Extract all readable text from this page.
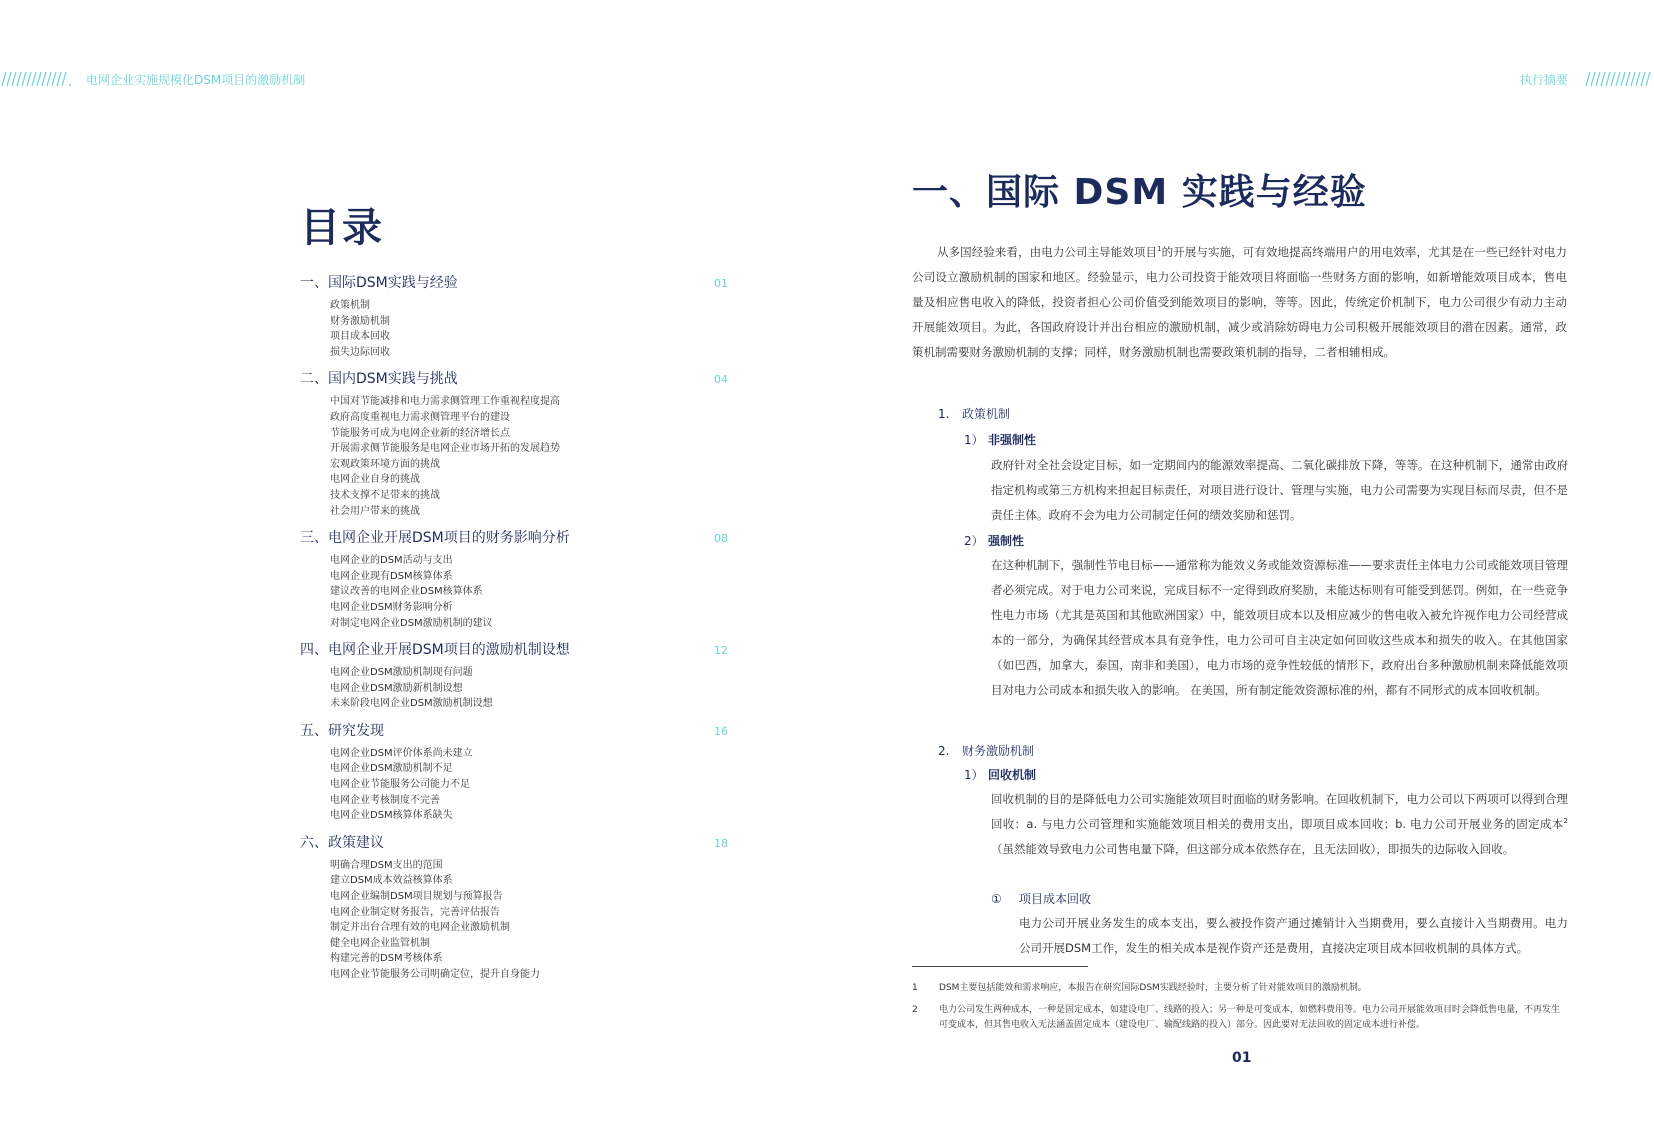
电网企业实施规模化DSM项目的激励机制	执行摘要
目录
一、国际DSM实践与经验	01
政策机制
财务激励机制
项目成本回收
损失边际回收
二、国内DSM实践与挑战	04
中国对节能减排和电力需求侧管理工作重视程度提高
政府高度重视电力需求侧管理平台的建设
节能服务可成为电网企业新的经济增长点
开展需求侧节能服务是电网企业市场开拓的发展趋势
宏观政策环境方面的挑战
电网企业自身的挑战
技术支撑不足带来的挑战
社会用户带来的挑战
三、电网企业开展DSM项目的财务影响分析	08
电网企业的DSM活动与支出
电网企业现有DSM核算体系
建议改善的电网企业DSM核算体系
电网企业DSM财务影响分析
对制定电网企业DSM激励机制的建议
四、电网企业开展DSM项目的激励机制设想	12
电网企业DSM激励机制现有问题
电网企业DSM激励新机制设想
未来阶段电网企业DSM激励机制设想
五、研究发现	16
电网企业DSM评价体系尚未建立
电网企业DSM激励机制不足
电网企业节能服务公司能力不足
电网企业考核制度不完善
电网企业DSM核算体系缺失
六、政策建议	18
明确合理DSM支出的范围
建立DSM成本效益核算体系
电网企业编制DSM项目规划与预算报告
电网企业制定财务报告，完善评估报告
制定并出台合理有效的电网企业激励机制
健全电网企业监管机制
构建完善的DSM考核体系
电网企业节能服务公司明确定位，提升自身能力
一、国际 DSM 实践与经验

从多国经验来看，由电力公司主导能效项目$^1$的开展与实施，可有效地提高终端用户的用电效率，尤其是在一些已经针对电力公司设立激励机制的国家和地区。经验显示，电力公司投资于能效项目将面临一些财务方面的影响，如新增能效项目成本，售电量及相应售电收入的降低，投资者担心公司价值受到能效项目的影响，等等。因此，传统定价机制下，电力公司很少有动力主动开展能效项目。为此，各国政府设计并出台相应的激励机制，减少或消除妨碍电力公司积极开展能效项目的潜在因素。通常，政策机制需要财务激励机制的支撑；同样，财务激励机制也需要政策机制的指导，二者相辅相成。

1. 政策机制
1） 非强制性

政府针对全社会设定目标，如一定期间内的能源效率提高、二氧化碳排放下降，等等。在这种机制下，通常由政府指定机构或第三方机构来担起目标责任，对项目进行设计、管理与实施，电力公司需要为实现目标而尽责，但不是责任主体。政府不会为电力公司制定任何的绩效奖励和惩罚。

2） 强制性

在这种机制下，强制性节电目标——通常称为能效义务或能效资源标准——要求责任主体电力公司或能效项目管理者必须完成。对于电力公司来说，完成目标不一定得到政府奖励，未能达标则有可能受到惩罚。例如，在一些竞争性电力市场（尤其是英国和其他欧洲国家）中，能效项目成本以及相应减少的售电收入被允许视作电力公司经营成本的一部分，为确保其经营成本具有竞争性，电力公司可自主决定如何回收这些成本和损失的收入。在其他国家（如巴西，加拿大，泰国，南非和美国），电力市场的竞争性较低的情形下，政府出台多种激励机制来降低能效项目对电力公司成本和损失收入的影响。 在美国，所有制定能效资源标准的州，都有不同形式的成本回收机制。

2. 财务激励机制
1） 回收机制

回收机制的目的是降低电力公司实施能效项目时面临的财务影响。在回收机制下，电力公司以下两项可以得到合理回收：a. 与电力公司管理和实施能效项目相关的费用支出，即项目成本回收；b. 电力公司开展业务的固定成本$^2$（虽然能效导致电力公司售电量下降，但这部分成本依然存在，且无法回收），即损失的边际收入回收。

① 项目成本回收

电力公司开展业务发生的成本支出，要么被投作资产通过摊销计入当期费用，要么直接计入当期费用。电力公司开展DSM工作，发生的相关成本是视作资产还是费用，直接决定项目成本回收机制的具体方式。

1 DSM主要包括能效和需求响应，本报告在研究国际DSM实践经验时，主要分析了针对能效项目的激励机制。
2 电力公司发生两种成本，一种是固定成本，如建设电厂、线路的投入；另一种是可变成本，如燃料费用等。电力公司开展能效项目时会降低售电量，不再发生可变成本，但其售电收入无法涵盖固定成本（建设电厂、输配线路的投入）部分。因此要对无法回收的固定成本进行补偿。
01
